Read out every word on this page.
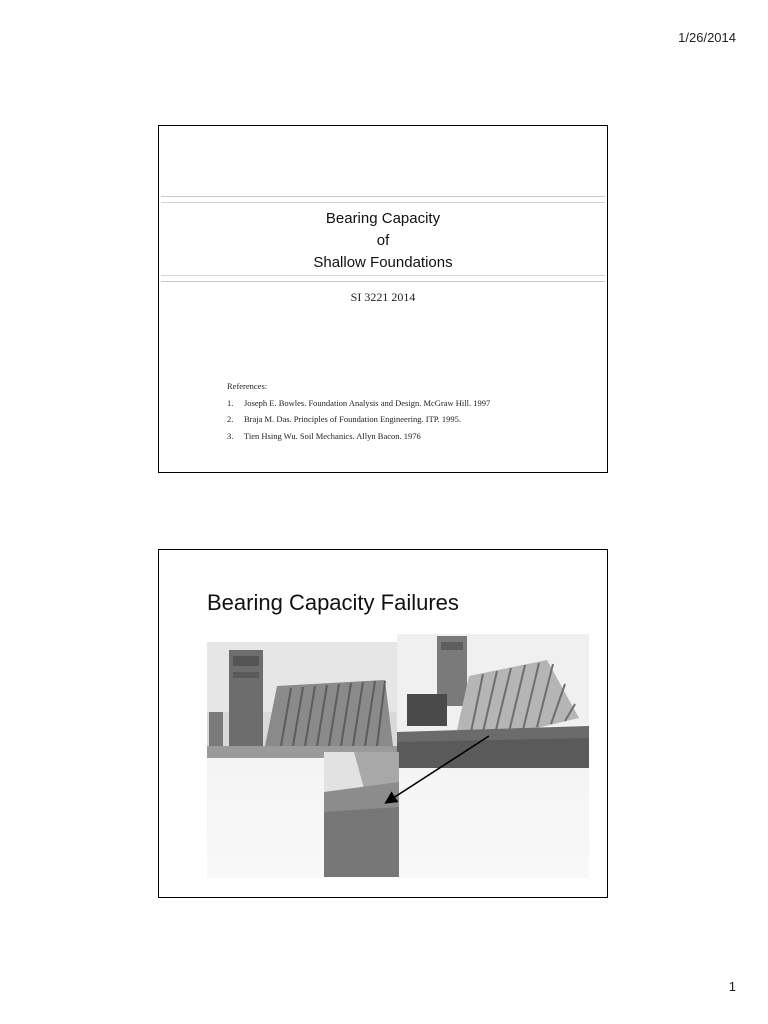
1/26/2014
Bearing Capacity
of
Shallow Foundations
SI 3221 2014
References:
1.	Joseph E. Bowles. Foundation Analysis and Design. McGraw Hill. 1997
2.	Braja M. Das. Principles of Foundation Engineering. ITP. 1995.
3.	Tien Hsing Wu. Soil Mechanics. Allyn Bacon. 1976
Bearing Capacity Failures
1
